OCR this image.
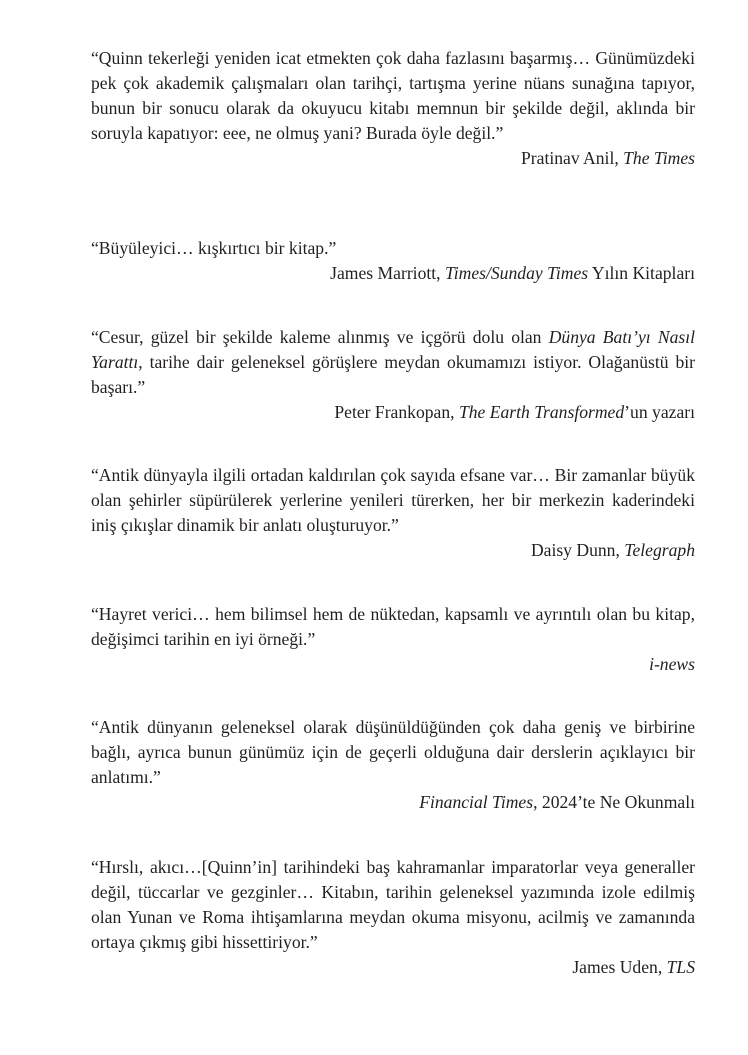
“Quinn tekerleği yeniden icat etmekten çok daha fazlasını başarmış… Günümüzdeki pek çok akademik çalışmaları olan tarihçi, tartışma yerine nüans sunağına tapıyor, bunun bir sonucu olarak da okuyucu kitabı memnun bir şekilde değil, aklında bir soruyla kapatıyor: eee, ne olmuş yani? Burada öyle değil.”

Pratinav Anil, The Times

“Büyüleyici… kışkırtıcı bir kitap.”

James Marriott, Times/Sunday Times Yılın Kitapları

“Cesur, güzel bir şekilde kaleme alınmış ve içgörü dolu olan Dünya Batı’yı Nasıl Yarattı, tarihe dair geleneksel görüşlere meydan okumamızı istiyor. Olağanüstü bir başarı.”

Peter Frankopan, The Earth Transformed’un yazarı

“Antik dünyayla ilgili ortadan kaldırılan çok sayıda efsane var… Bir zamanlar büyük olan şehirler süpürülerek yerlerine yenileri türerken, her bir merkezin kaderindeki iniş çıkışlar dinamik bir anlatı oluşturuyor.”

Daisy Dunn, Telegraph

“Hayret verici… hem bilimsel hem de nüktedan, kapsamlı ve ayrıntılı olan bu kitap, değişimci tarihin en iyi örneği.”

i-news

“Antik dünyanın geleneksel olarak düşünüldüğünden çok daha geniş ve birbirine bağlı, ayrıca bunun günümüz için de geçerli olduğuna dair derslerin açıklayıcı bir anlatımı.”

Financial Times, 2024’te Ne Okunmalı

“Hırslı, akıcı…[Quinn’in] tarihindeki baş kahramanlar imparatorlar veya generaller değil, tüccarlar ve gezginler… Kitabın, tarihin geleneksel yazımında izole edilmiş olan Yunan ve Roma ihtişamlarına meydan okuma misyonu, acilmiş ve zamanında ortaya çıkmış gibi hissettiriyor.”

James Uden, TLS
